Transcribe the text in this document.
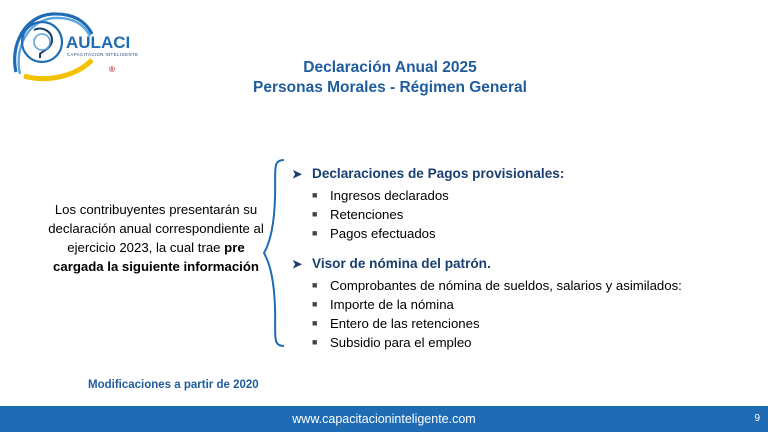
AULACI
CAPACITACION INTELIGENTE
®	Declaración Anual 2025
Personas Morales - Régimen General
Los contribuyentes presentarán su declaración anual correspondiente al ejercicio 2023, la cual trae pre cargada la siguiente información
➤ Declaraciones de Pagos provisionales:
■ Ingresos declarados
■ Retenciones
■ Pagos efectuados
➤ Visor de nómina del patrón.
■ Comprobantes de nómina de sueldos, salarios y asimilados:
■ Importe de la nómina
■ Entero de las retenciones
■ Subsidio para el empleo
Modificaciones a partir de 2020
www.capacitacioninteligente.com	9
